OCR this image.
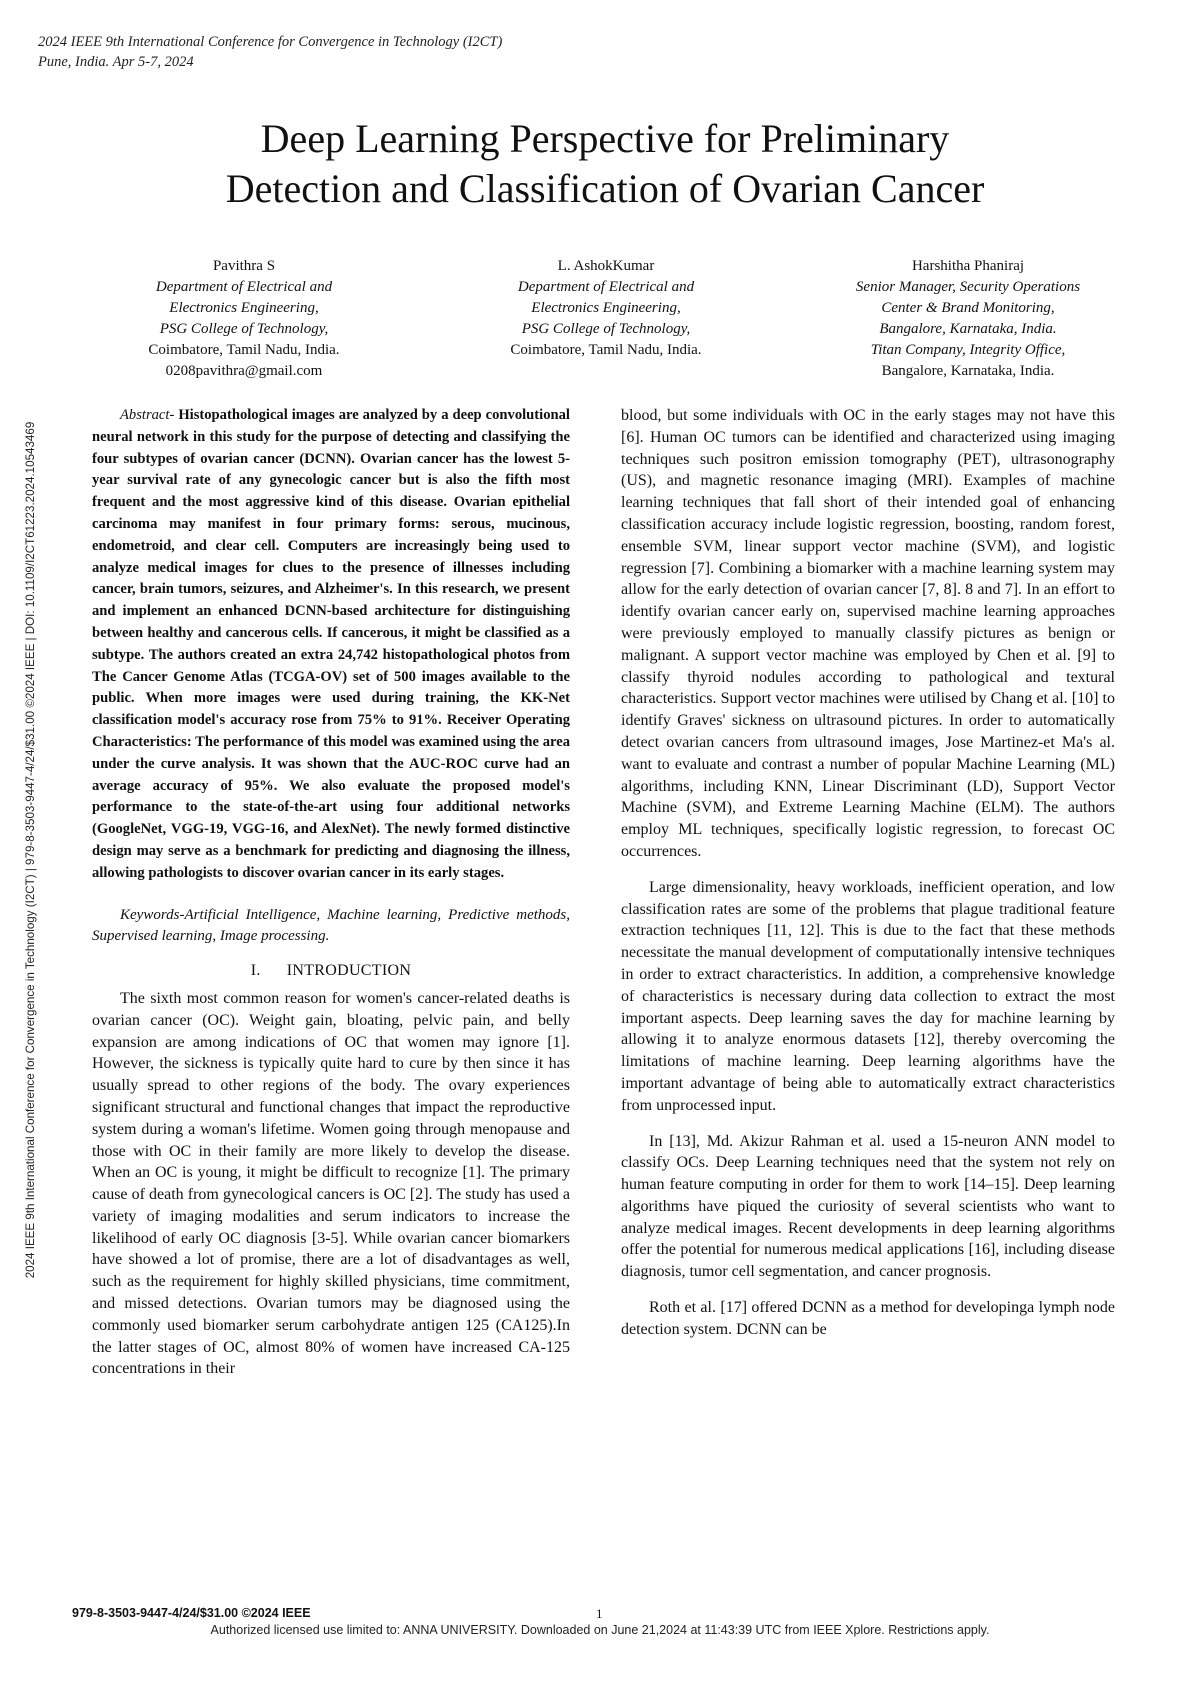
2024 IEEE 9th International Conference for Convergence in Technology (I2CT)
Pune, India. Apr 5-7, 2024
2024 IEEE 9th International Conference for Convergence in Technology (I2CT) | 979-8-3503-9447-4/24/$31.00 ©2024 IEEE | DOI: 10.1109/I2CT61223.2024.10543469
Deep Learning Perspective for Preliminary
Detection and Classification of Ovarian Cancer
Pavithra S
Department of Electrical and
Electronics Engineering,
PSG College of Technology,
Coimbatore, Tamil Nadu, India.
0208pavithra@gmail.com
L. AshokKumar
Department of Electrical and
Electronics Engineering,
PSG College of Technology,
Coimbatore, Tamil Nadu, India.
Harshitha Phaniraj
Senior Manager, Security Operations
Center & Brand Monitoring,
Bangalore, Karnataka, India.
Titan Company, Integrity Office,
Bangalore, Karnataka, India.

Abstract- Histopathological images are analyzed by a deep convolutional neural network in this study for the purpose of detecting and classifying the four subtypes of ovarian cancer (DCNN). Ovarian cancer has the lowest 5-year survival rate of any gynecologic cancer but is also the fifth most frequent and the most aggressive kind of this disease. Ovarian epithelial carcinoma may manifest in four primary forms: serous, mucinous, endometroid, and clear cell. Computers are increasingly being used to analyze medical images for clues to the presence of illnesses including cancer, brain tumors, seizures, and Alzheimer's. In this research, we present and implement an enhanced DCNN-based architecture for distinguishing between healthy and cancerous cells. If cancerous, it might be classified as a subtype. The authors created an extra 24,742 histopathological photos from The Cancer Genome Atlas (TCGA-OV) set of 500 images available to the public. When more images were used during training, the KK-Net classification model's accuracy rose from 75% to 91%. Receiver Operating Characteristics: The performance of this model was examined using the area under the curve analysis. It was shown that the AUC-ROC curve had an average accuracy of 95%. We also evaluate the proposed model's performance to the state-of-the-art using four additional networks (GoogleNet, VGG-19, VGG-16, and AlexNet). The newly formed distinctive design may serve as a benchmark for predicting and diagnosing the illness, allowing pathologists to discover ovarian cancer in its early stages.

Keywords-Artificial Intelligence, Machine learning, Predictive methods, Supervised learning, Image processing.

I. INTRODUCTION

The sixth most common reason for women's cancer-related deaths is ovarian cancer (OC). Weight gain, bloating, pelvic pain, and belly expansion are among indications of OC that women may ignore [1]. However, the sickness is typically quite hard to cure by then since it has usually spread to other regions of the body. The ovary experiences significant structural and functional changes that impact the reproductive system during a woman's lifetime. Women going through menopause and those with OC in their family are more likely to develop the disease. When an OC is young, it might be difficult to recognize [1]. The primary cause of death from gynecological cancers is OC [2]. The study has used a variety of imaging modalities and serum indicators to increase the likelihood of early OC diagnosis [3-5]. While ovarian cancer biomarkers have showed a lot of promise, there are a lot of disadvantages as well, such as the requirement for highly skilled physicians, time commitment, and missed detections. Ovarian tumors may be diagnosed using the commonly used biomarker serum carbohydrate antigen 125 (CA125).In the latter stages of OC, almost 80% of women have increased CA-125 concentrations in their

blood, but some individuals with OC in the early stages may not have this [6]. Human OC tumors can be identified and characterized using imaging techniques such positron emission tomography (PET), ultrasonography (US), and magnetic resonance imaging (MRI). Examples of machine learning techniques that fall short of their intended goal of enhancing classification accuracy include logistic regression, boosting, random forest, ensemble SVM, linear support vector machine (SVM), and logistic regression [7]. Combining a biomarker with a machine learning system may allow for the early detection of ovarian cancer [7, 8]. 8 and 7]. In an effort to identify ovarian cancer early on, supervised machine learning approaches were previously employed to manually classify pictures as benign or malignant. A support vector machine was employed by Chen et al. [9] to classify thyroid nodules according to pathological and textural characteristics. Support vector machines were utilised by Chang et al. [10] to identify Graves' sickness on ultrasound pictures. In order to automatically detect ovarian cancers from ultrasound images, Jose Martinez-et Ma's al. want to evaluate and contrast a number of popular Machine Learning (ML) algorithms, including KNN, Linear Discriminant (LD), Support Vector Machine (SVM), and Extreme Learning Machine (ELM). The authors employ ML techniques, specifically logistic regression, to forecast OC occurrences.

Large dimensionality, heavy workloads, inefficient operation, and low classification rates are some of the problems that plague traditional feature extraction techniques [11, 12]. This is due to the fact that these methods necessitate the manual development of computationally intensive techniques in order to extract characteristics. In addition, a comprehensive knowledge of characteristics is necessary during data collection to extract the most important aspects. Deep learning saves the day for machine learning by allowing it to analyze enormous datasets [12], thereby overcoming the limitations of machine learning. Deep learning algorithms have the important advantage of being able to automatically extract characteristics from unprocessed input.

In [13], Md. Akizur Rahman et al. used a 15-neuron ANN model to classify OCs. Deep Learning techniques need that the system not rely on human feature computing in order for them to work [14–15]. Deep learning algorithms have piqued the curiosity of several scientists who want to analyze medical images. Recent developments in deep learning algorithms offer the potential for numerous medical applications [16], including disease diagnosis, tumor cell segmentation, and cancer prognosis.

Roth et al. [17] offered DCNN as a method for developinga lymph node detection system. DCNN can be

979-8-3503-9447-4/24/$31.00 ©2024 IEEE	1
Authorized licensed use limited to: ANNA UNIVERSITY. Downloaded on June 21,2024 at 11:43:39 UTC from IEEE Xplore. Restrictions apply.
